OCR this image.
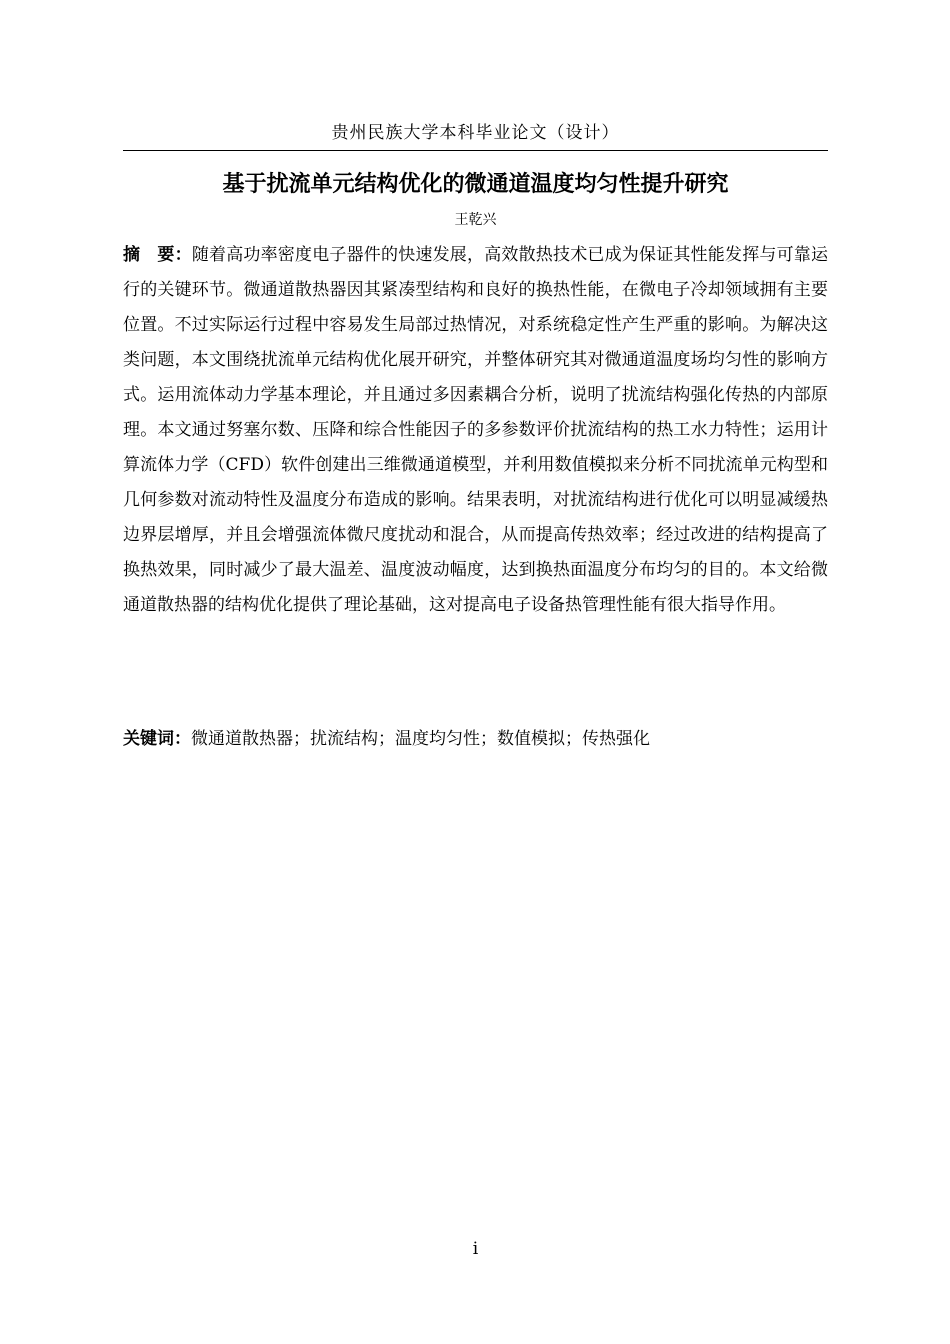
贵州民族大学本科毕业论文（设计）
基于扰流单元结构优化的微通道温度均匀性提升研究
王乾兴
摘　要：随着高功率密度电子器件的快速发展，高效散热技术已成为保证其性能发挥与可靠运行的关键环节。微通道散热器因其紧凑型结构和良好的换热性能，在微电子冷却领域拥有主要位置。不过实际运行过程中容易发生局部过热情况，对系统稳定性产生严重的影响。为解决这类问题，本文围绕扰流单元结构优化展开研究，并整体研究其对微通道温度场均匀性的影响方式。运用流体动力学基本理论，并且通过多因素耦合分析，说明了扰流结构强化传热的内部原理。本文通过努塞尔数、压降和综合性能因子的多参数评价扰流结构的热工水力特性；运用计算流体力学（CFD）软件创建出三维微通道模型，并利用数值模拟来分析不同扰流单元构型和几何参数对流动特性及温度分布造成的影响。结果表明，对扰流结构进行优化可以明显减缓热边界层增厚，并且会增强流体微尺度扰动和混合，从而提高传热效率；经过改进的结构提高了换热效果，同时减少了最大温差、温度波动幅度，达到换热面温度分布均匀的目的。本文给微通道散热器的结构优化提供了理论基础，这对提高电子设备热管理性能有很大指导作用。
关键词：微通道散热器；扰流结构；温度均匀性；数值模拟；传热强化
i
